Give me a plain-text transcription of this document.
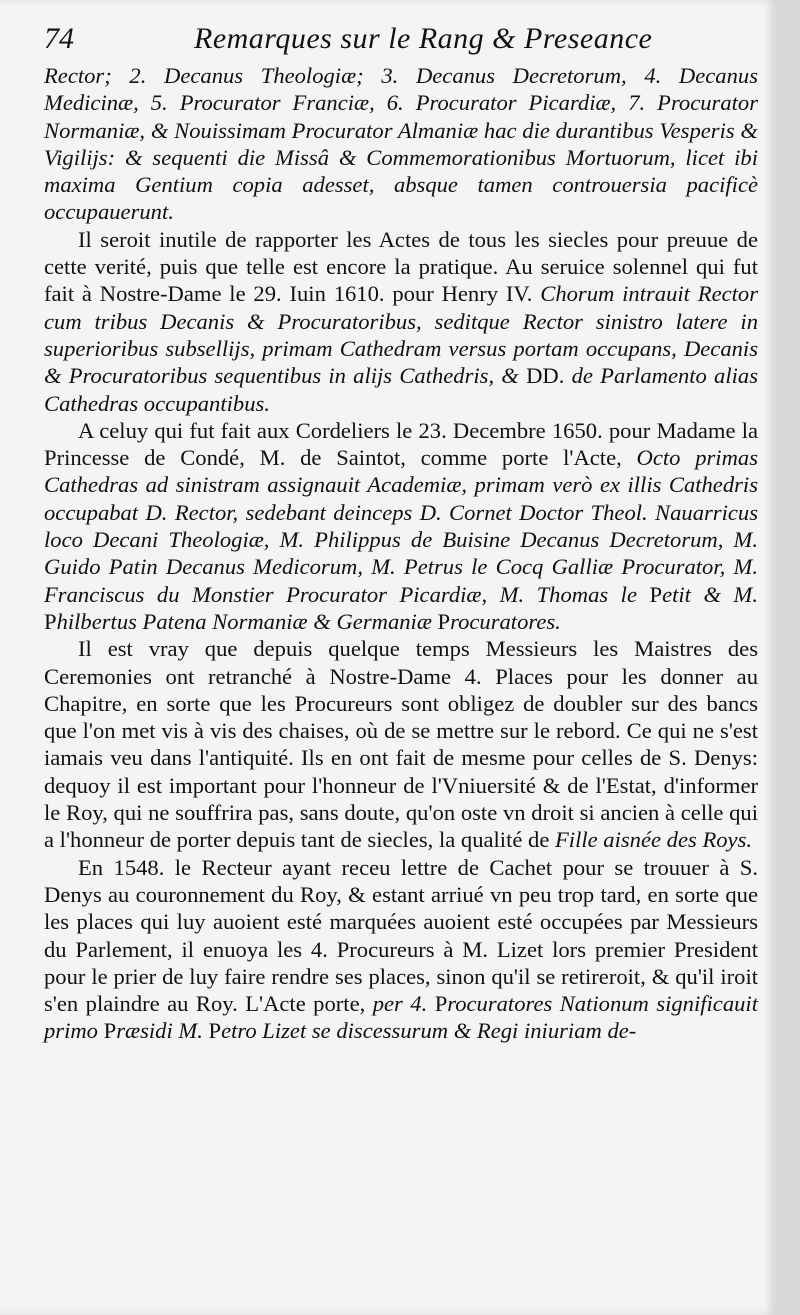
74	Remarques sur le Rang & Preseance

Rector; 2. Decanus Theologiæ; 3. Decanus Decretorum, 4. Decanus Medicinæ, 5. Procurator Franciæ, 6. Procurator Picardiæ, 7. Procurator Normaniæ, & Nouissimam Procurator Almaniæ hac die durantibus Vesperis & Vigilijs: & sequenti die Missâ & Commemorationibus Mortuorum, licet ibi maxima Gentium copia adesset, absque tamen controuersia pacificè occupauerunt.

Il seroit inutile de rapporter les Actes de tous les siecles pour preuue de cette verité, puis que telle est encore la pratique. Au seruice solennel qui fut fait à Nostre-Dame le 29. Iuin 1610. pour Henry IV. Chorum intrauit Rector cum tribus Decanis & Procuratoribus, seditque Rector sinistro latere in superioribus subsellijs, primam Cathedram versus portam occupans, Decanis & Procuratoribus sequentibus in alijs Cathedris, & DD. de Parlamento alias Cathedras occupantibus.

A celuy qui fut fait aux Cordeliers le 23. Decembre 1650. pour Madame la Princesse de Condé, M. de Saintot, comme porte l'Acte, Octo primas Cathedras ad sinistram assignauit Academiæ, primam verò ex illis Cathedris occupabat D. Rector, sedebant deinceps D. Cornet Doctor Theol. Nauarricus loco Decani Theologiæ, M. Philippus de Buisine Decanus Decretorum, M. Guido Patin Decanus Medicorum, M. Petrus le Cocq Galliæ Procurator, M. Franciscus du Monstier Procurator Picardiæ, M. Thomas le Petit & M. Philbertus Patena Normaniæ & Germaniæ Procuratores.

Il est vray que depuis quelque temps Messieurs les Maistres des Ceremonies ont retranché à Nostre-Dame 4. Places pour les donner au Chapitre, en sorte que les Procureurs sont obligez de doubler sur des bancs que l'on met vis à vis des chaises, où de se mettre sur le rebord. Ce qui ne s'est iamais veu dans l'antiquité. Ils en ont fait de mesme pour celles de S. Denys: dequoy il est important pour l'honneur de l'Vniuersité & de l'Estat, d'informer le Roy, qui ne souffrira pas, sans doute, qu'on oste vn droit si ancien à celle qui a l'honneur de porter depuis tant de siecles, la qualité de Fille aisnée des Roys.

En 1548. le Recteur ayant receu lettre de Cachet pour se trouuer à S. Denys au couronnement du Roy, & estant arriué vn peu trop tard, en sorte que les places qui luy auoient esté marquées auoient esté occupées par Messieurs du Parlement, il enuoya les 4. Procureurs à M. Lizet lors premier President pour le prier de luy faire rendre ses places, sinon qu'il se retireroit, & qu'il iroit s'en plaindre au Roy. L'Acte porte, per 4. Procuratores Nationum significauit primo Præsidi M. Petro Lizet se discessurum & Regi iniuriam de-
